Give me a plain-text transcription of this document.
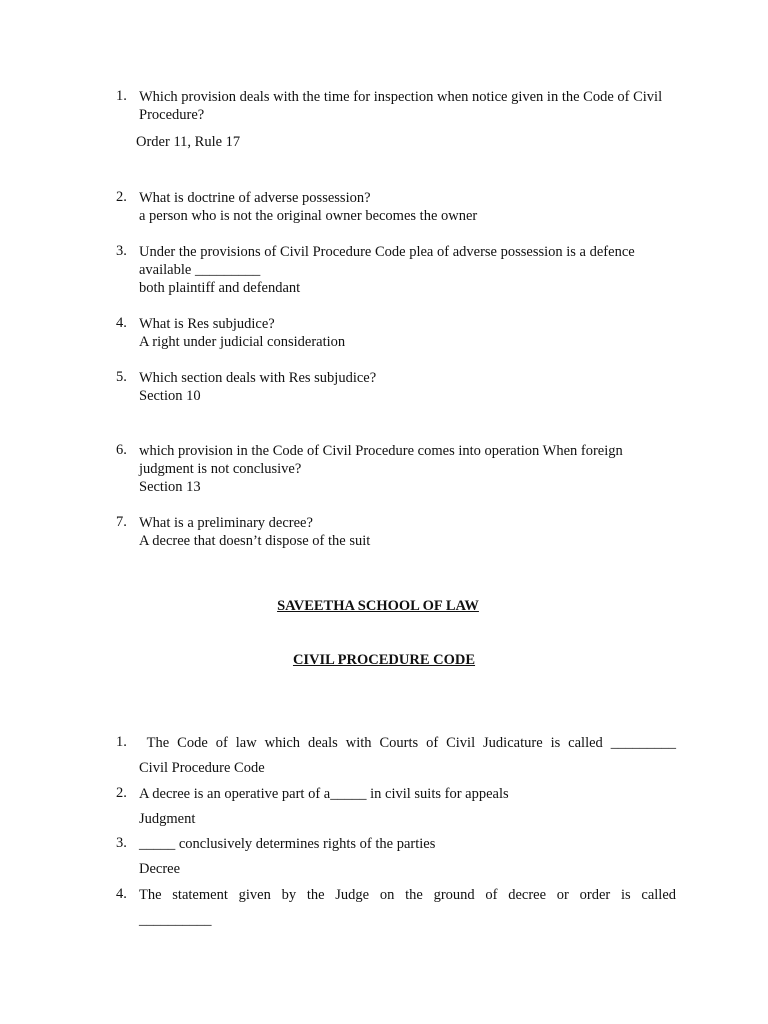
1. Which provision deals with the time for inspection when notice given in the Code of Civil Procedure?
Order 11, Rule 17
2. What is doctrine of adverse possession?
a person who is not the original owner becomes the owner
3. Under the provisions of Civil Procedure Code plea of adverse possession is a defence available _________
both plaintiff and defendant
4. What is Res subjudice?
A right under judicial consideration
5. Which section deals with Res subjudice?
Section 10
6. which provision in the Code of Civil Procedure comes into operation When foreign judgment is not conclusive?
Section 13
7. What is a preliminary decree?
A decree that doesn’t dispose of the suit
SAVEETHA SCHOOL OF LAW
CIVIL PROCEDURE CODE
1. The Code of law which deals with Courts of Civil Judicature is called _________
Civil Procedure Code
2. A decree is an operative part of a_____ in civil suits for appeals
Judgment
3. _____ conclusively determines rights of the parties
Decree
4. The statement given by the Judge on the ground of decree or order is called
__________
